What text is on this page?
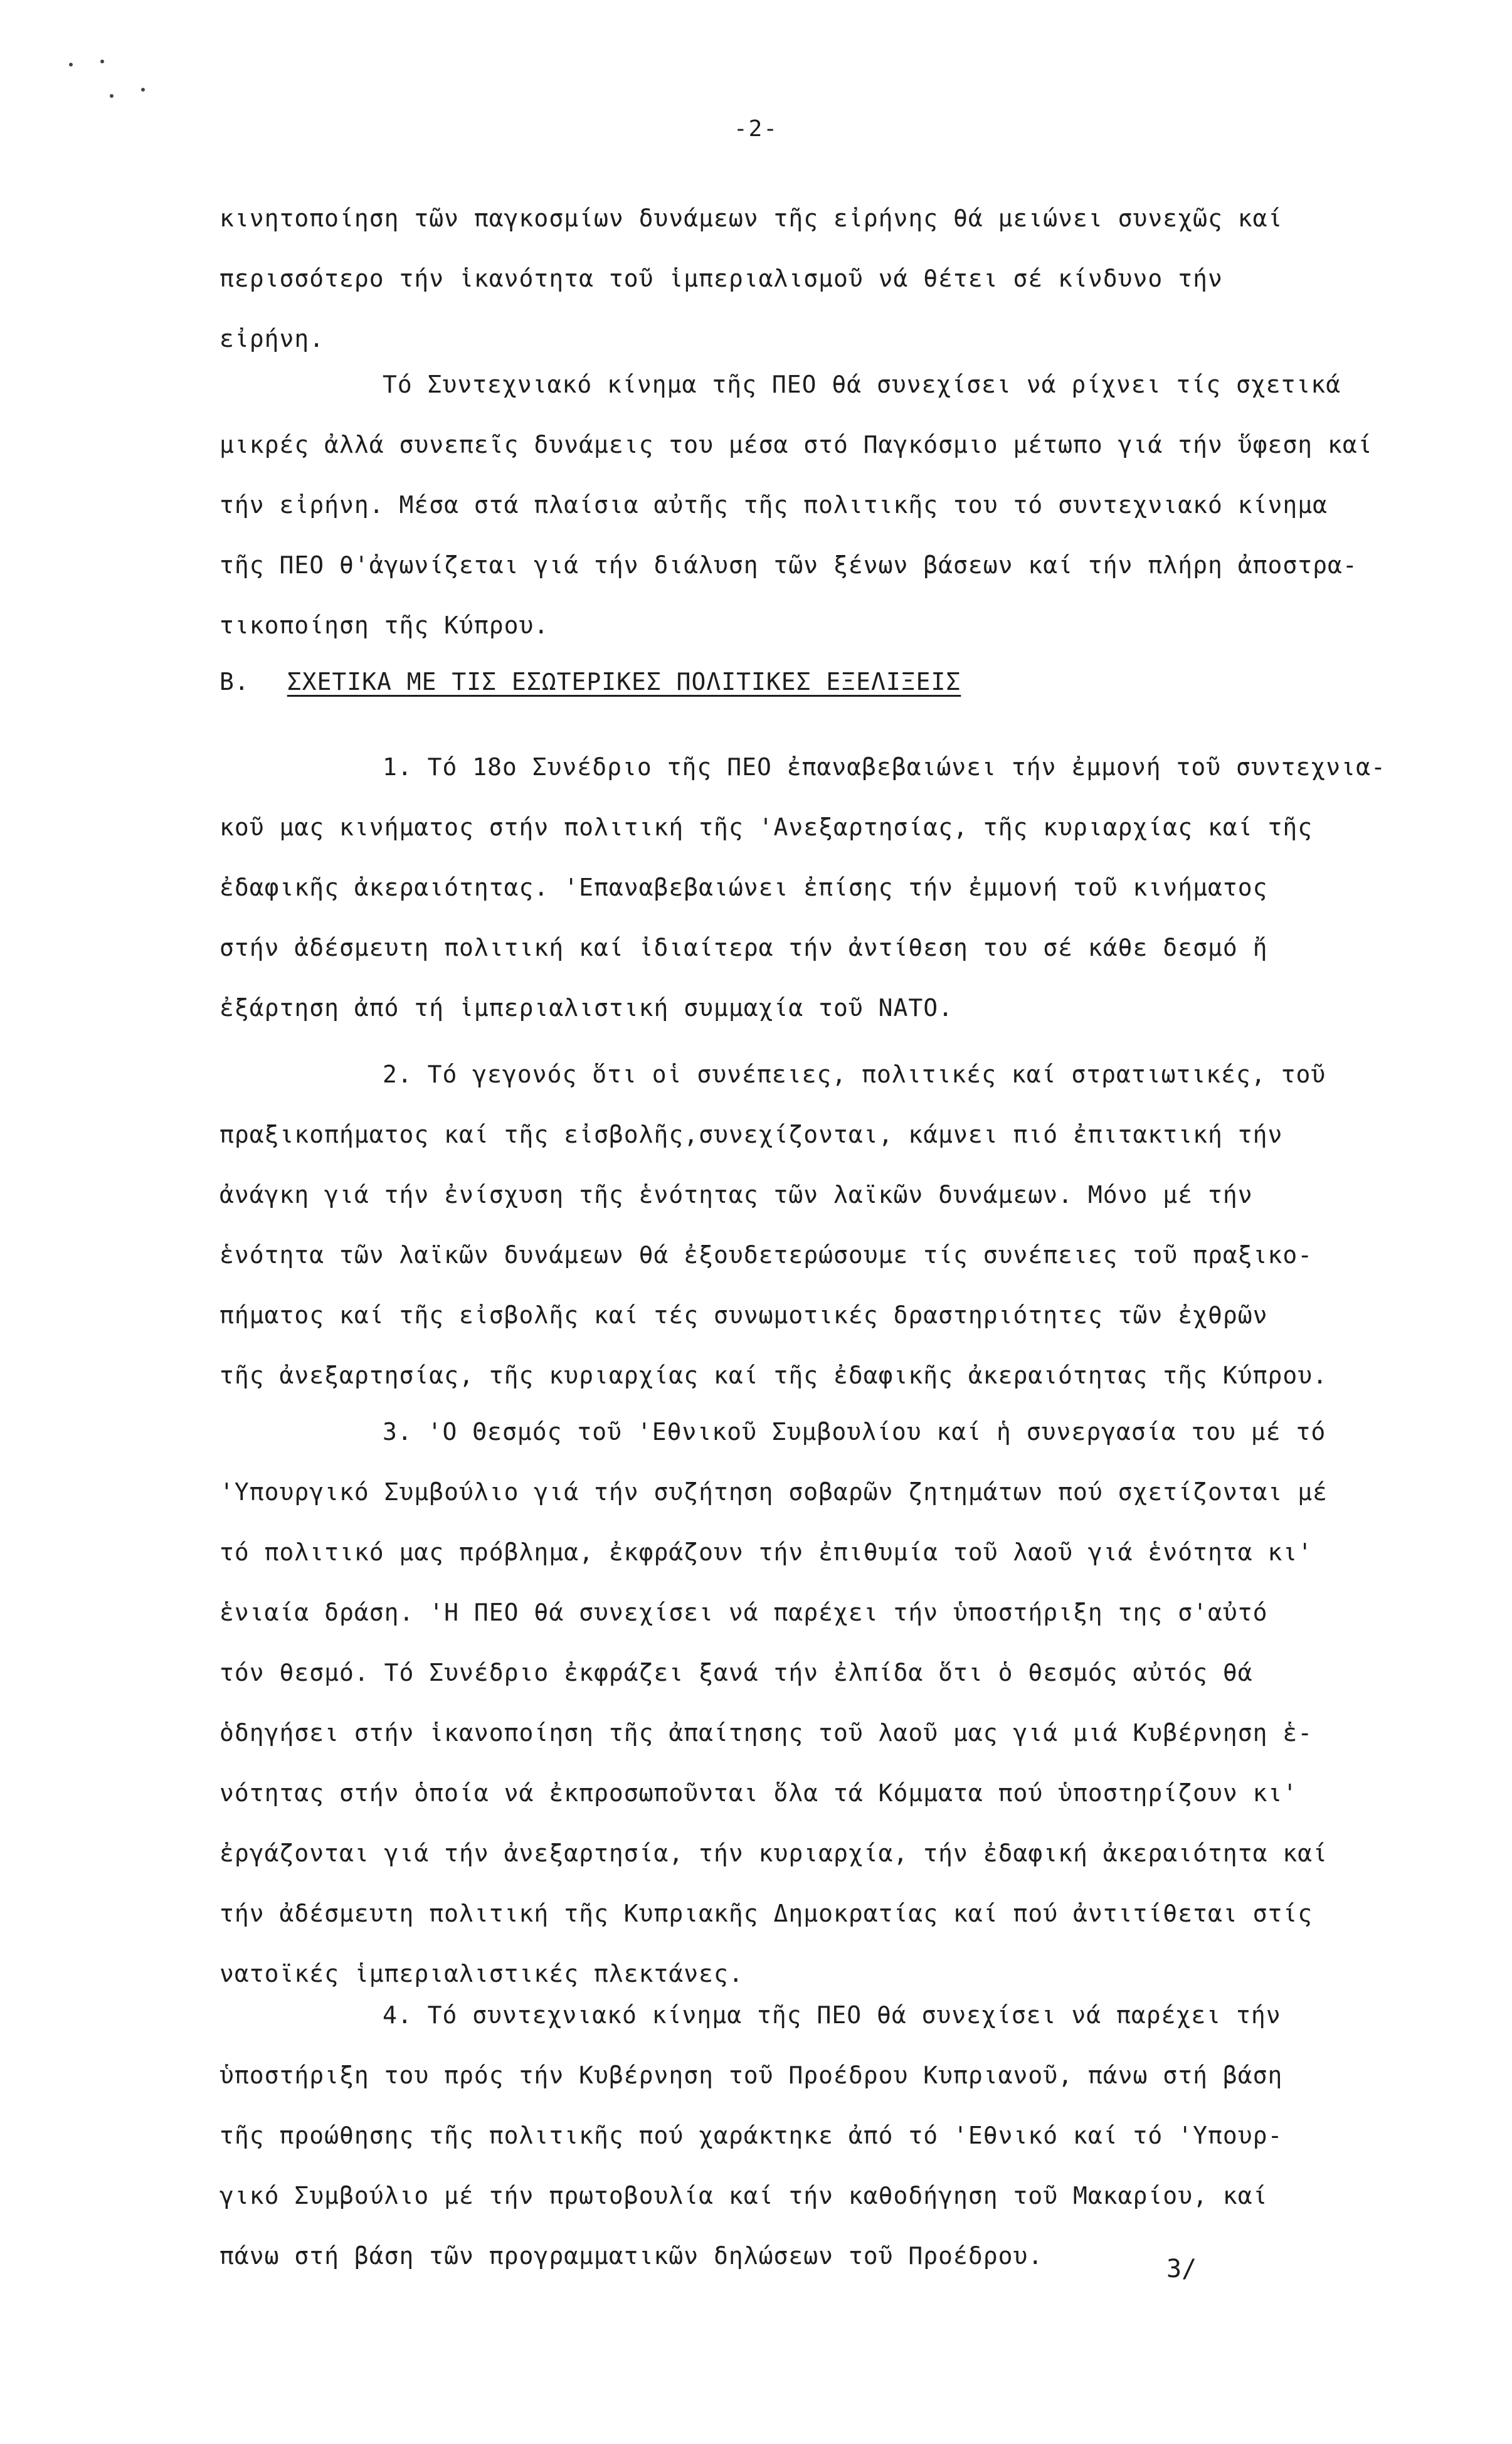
-2-
κινητοποίηση τῶν παγκοσμίων δυνάμεων τῆς εἰρήνης θά μειώνει συνεχῶς καί
περισσότερο τήν ἱκανότητα τοῦ ἱμπεριαλισμοῦ νά θέτει σέ κίνδυνο τήν
εἰρήνη.
Τό Συντεχνιακό κίνημα τῆς ΠΕΟ θά συνεχίσει νά ρίχνει τίς σχετικά
μικρές ἀλλά συνεπεῖς δυνάμεις του μέσα στό Παγκόσμιο μέτωπο γιά τήν ὕφεση καί
τήν εἰρήνη. Μέσα στά πλαίσια αὐτῆς τῆς πολιτικῆς του τό συντεχνιακό κίνημα
τῆς ΠΕΟ θ'ἀγωνίζεται γιά τήν διάλυση τῶν ξένων βάσεων καί τήν πλήρη ἀποστρα-
τικοποίηση τῆς Κύπρου.
Β. ΣΧΕΤΙΚΑ ΜΕ ΤΙΣ ΕΣΩΤΕΡΙΚΕΣ ΠΟΛΙΤΙΚΕΣ ΕΞΕΛΙΞΕΙΣ
1. Τό 18ο Συνέδριο τῆς ΠΕΟ ἐπαναβεβαιώνει τήν ἐμμονή τοῦ συντεχνια-
κοῦ μας κινήματος στήν πολιτική τῆς 'Ανεξαρτησίας, τῆς κυριαρχίας καί τῆς
ἐδαφικῆς ἀκεραιότητας. 'Επαναβεβαιώνει ἐπίσης τήν ἐμμονή τοῦ κινήματος
στήν ἀδέσμευτη πολιτική καί ἰδιαίτερα τήν ἀντίθεση του σέ κάθε δεσμό ἤ
ἐξάρτηση ἀπό τή ἱμπεριαλιστική συμμαχία τοῦ ΝΑΤΟ.
2. Τό γεγονός ὅτι οἱ συνέπειες, πολιτικές καί στρατιωτικές, τοῦ
πραξικοπήματος καί τῆς εἰσβολῆς,συνεχίζονται, κάμνει πιό ἐπιτακτική τήν
ἀνάγκη γιά τήν ἐνίσχυση τῆς ἑνότητας τῶν λαϊκῶν δυνάμεων. Μόνο μέ τήν
ἑνότητα τῶν λαϊκῶν δυνάμεων θά ἐξουδετερώσουμε τίς συνέπειες τοῦ πραξικο-
πήματος καί τῆς εἰσβολῆς καί τές συνωμοτικές δραστηριότητες τῶν ἐχθρῶν
τῆς ἀνεξαρτησίας, τῆς κυριαρχίας καί τῆς ἐδαφικῆς ἀκεραιότητας τῆς Κύπρου.
3. 'Ο Θεσμός τοῦ 'Εθνικοῦ Συμβουλίου καί ἡ συνεργασία του μέ τό
'Υπουργικό Συμβούλιο γιά τήν συζήτηση σοβαρῶν ζητημάτων πού σχετίζονται μέ
τό πολιτικό μας πρόβλημα, ἐκφράζουν τήν ἐπιθυμία τοῦ λαοῦ γιά ἑνότητα κι'
ἑνιαία δράση. 'Η ΠΕΟ θά συνεχίσει νά παρέχει τήν ὑποστήριξη της σ'αὐτό
τόν θεσμό. Τό Συνέδριο ἐκφράζει ξανά τήν ἐλπίδα ὅτι ὁ θεσμός αὐτός θά
ὁδηγήσει στήν ἱκανοποίηση τῆς ἀπαίτησης τοῦ λαοῦ μας γιά μιά Κυβέρνηση ἑ-
νότητας στήν ὁποία νά ἐκπροσωποῦνται ὅλα τά Κόμματα πού ὑποστηρίζουν κι'
ἐργάζονται γιά τήν ἀνεξαρτησία, τήν κυριαρχία, τήν ἐδαφική ἀκεραιότητα καί
τήν ἀδέσμευτη πολιτική τῆς Κυπριακῆς Δημοκρατίας καί πού ἀντιτίθεται στίς
νατοϊκές ἱμπεριαλιστικές πλεκτάνες.
4. Τό συντεχνιακό κίνημα τῆς ΠΕΟ θά συνεχίσει νά παρέχει τήν
ὑποστήριξη του πρός τήν Κυβέρνηση τοῦ Προέδρου Κυπριανοῦ, πάνω στή βάση
τῆς προώθησης τῆς πολιτικῆς πού χαράκτηκε ἀπό τό 'Εθνικό καί τό 'Υπουρ-
γικό Συμβούλιο μέ τήν πρωτοβουλία καί τήν καθοδήγηση τοῦ Μακαρίου, καί
πάνω στή βάση τῶν προγραμματικῶν δηλώσεων τοῦ Προέδρου.	3/
